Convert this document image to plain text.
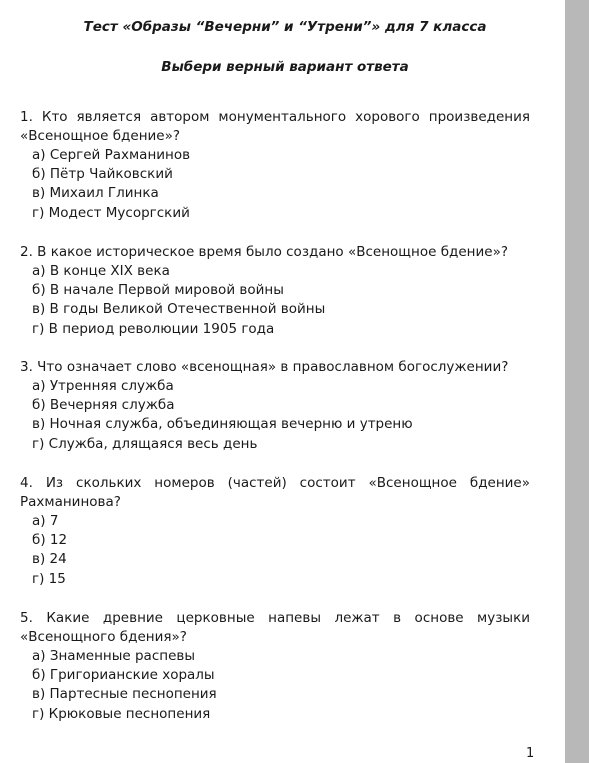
Тест «Образы “Вечерни” и “Утрени”» для 7 класса
Выбери верный вариант ответа

1. Кто является автором монументального хорового произведения «Всенощное бдение»?

а) Сергей Рахманинов
б) Пётр Чайковский
в) Михаил Глинка
г) Модест Мусоргский

2. В какое историческое время было создано «Всенощное бдение»?

а) В конце XIX века
б) В начале Первой мировой войны
в) В годы Великой Отечественной войны
г) В период революции 1905 года

3. Что означает слово «всенощная» в православном богослужении?

а) Утренняя служба
б) Вечерняя служба
в) Ночная служба, объединяющая вечерню и утреню
г) Служба, длящаяся весь день

4. Из скольких номеров (частей) состоит «Всенощное бдение» Рахманинова?

а) 7
б) 12
в) 24
г) 15

5. Какие древние церковные напевы лежат в основе музыки «Всенощного бдения»?

а) Знаменные распевы
б) Григорианские хоралы
в) Партесные песнопения
г) Крюковые песнопения
1
